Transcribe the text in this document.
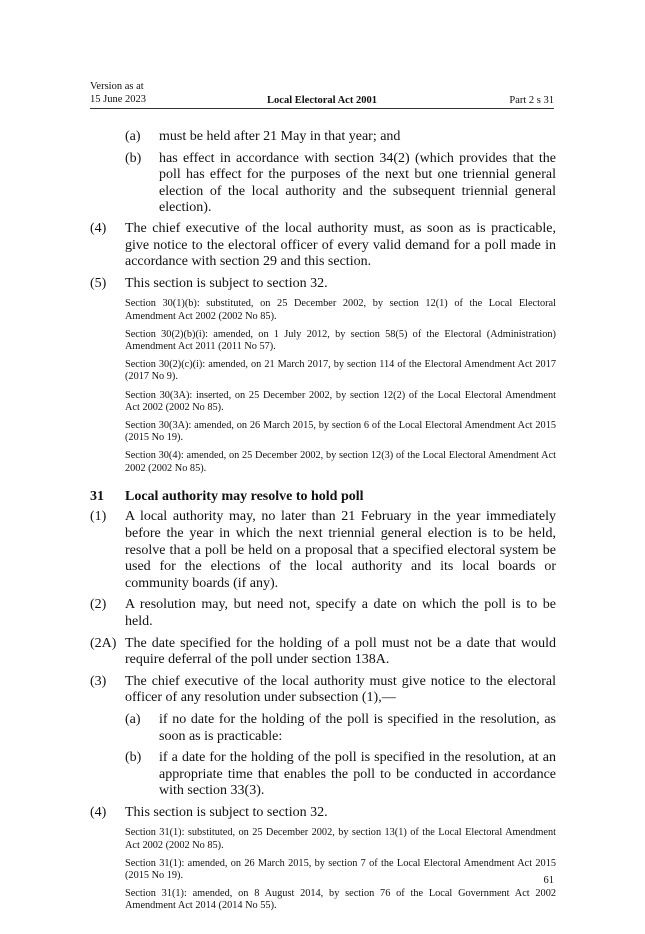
Version as at
15 June 2023	Local Electoral Act 2001	Part 2 s 31
(a) must be held after 21 May in that year; and
(b) has effect in accordance with section 34(2) (which provides that the poll has effect for the purposes of the next but one triennial general election of the local authority and the subsequent triennial general election).
(4) The chief executive of the local authority must, as soon as is practicable, give notice to the electoral officer of every valid demand for a poll made in accordance with section 29 and this section.
(5) This section is subject to section 32.
Section 30(1)(b): substituted, on 25 December 2002, by section 12(1) of the Local Electoral Amendment Act 2002 (2002 No 85).
Section 30(2)(b)(i): amended, on 1 July 2012, by section 58(5) of the Electoral (Administration) Amendment Act 2011 (2011 No 57).
Section 30(2)(c)(i): amended, on 21 March 2017, by section 114 of the Electoral Amendment Act 2017 (2017 No 9).
Section 30(3A): inserted, on 25 December 2002, by section 12(2) of the Local Electoral Amendment Act 2002 (2002 No 85).
Section 30(3A): amended, on 26 March 2015, by section 6 of the Local Electoral Amendment Act 2015 (2015 No 19).
Section 30(4): amended, on 25 December 2002, by section 12(3) of the Local Electoral Amendment Act 2002 (2002 No 85).
31 Local authority may resolve to hold poll
(1) A local authority may, no later than 21 February in the year immediately before the year in which the next triennial general election is to be held, resolve that a poll be held on a proposal that a specified electoral system be used for the elections of the local authority and its local boards or community boards (if any).
(2) A resolution may, but need not, specify a date on which the poll is to be held.
(2A) The date specified for the holding of a poll must not be a date that would require deferral of the poll under section 138A.
(3) The chief executive of the local authority must give notice to the electoral officer of any resolution under subsection (1),—
(a) if no date for the holding of the poll is specified in the resolution, as soon as is practicable:
(b) if a date for the holding of the poll is specified in the resolution, at an appropriate time that enables the poll to be conducted in accordance with section 33(3).
(4) This section is subject to section 32.
Section 31(1): substituted, on 25 December 2002, by section 13(1) of the Local Electoral Amendment Act 2002 (2002 No 85).
Section 31(1): amended, on 26 March 2015, by section 7 of the Local Electoral Amendment Act 2015 (2015 No 19).
Section 31(1): amended, on 8 August 2014, by section 76 of the Local Government Act 2002 Amendment Act 2014 (2014 No 55).
61
